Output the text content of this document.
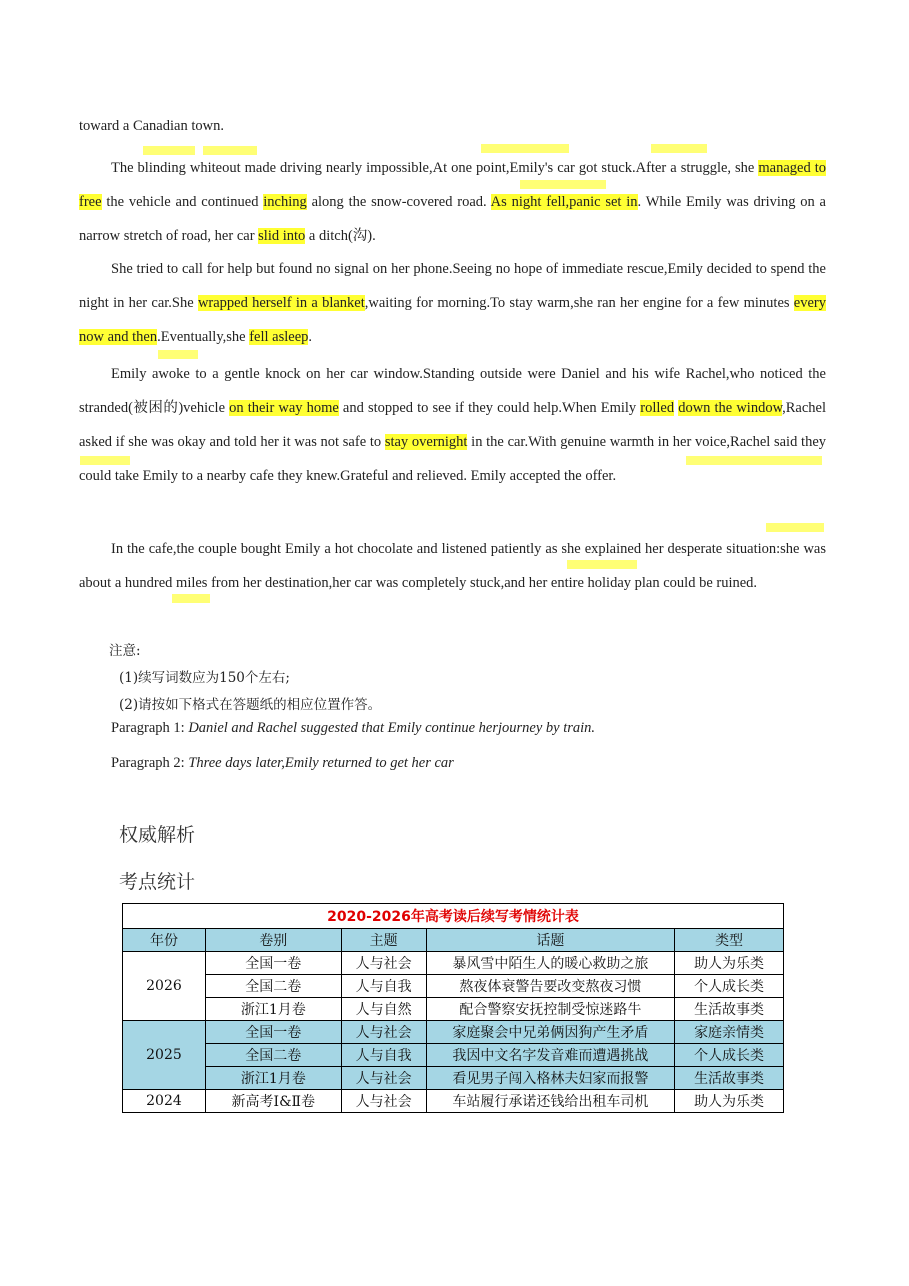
toward a Canadian town.
The blinding whiteout made driving nearly impossible,At one point,Emily's car got stuck.After a struggle, she managed to free the vehicle and continued inching along the snow-covered road. As night fell,panic set in. While Emily was driving on a narrow stretch of road, her car slid into a ditch(沟).
She tried to call for help but found no signal on her phone.Seeing no hope of immediate rescue,Emily decided to spend the night in her car.She wrapped herself in a blanket,waiting for morning.To stay warm,she ran her engine for a few minutes every now and then.Eventually,she fell asleep.
Emily awoke to a gentle knock on her car window.Standing outside were Daniel and his wife Rachel,who noticed the stranded(被困的)vehicle on their way home and stopped to see if they could help.When Emily rolled down the window,Rachel asked if she was okay and told her it was not safe to stay overnight in the car.With genuine warmth in her voice,Rachel said they could take Emily to a nearby cafe they knew.Grateful and relieved. Emily accepted the offer.
In the cafe,the couple bought Emily a hot chocolate and listened patiently as she explained her desperate situation:she was about a hundred miles from her destination,her car was completely stuck,and her entire holiday plan could be ruined.
注意:
(1)续写词数应为150个左右;
(2)请按如下格式在答题纸的相应位置作答。
Paragraph 1: Daniel and Rachel suggested that Emily continue herjourney by train.
Paragraph 2: Three days later,Emily returned to get her car
权威解析
考点统计
2020-2026年高考读后续写考情统计表				
年份	卷别	主题	话题	类型
2026	全国一卷	人与社会	暴风雪中陌生人的暖心救助之旅	助人为乐类
	全国二卷	人与自我	熬夜体衰警告要改变熬夜习惯	个人成长类
	浙江1月卷	人与自然	配合警察安抚控制受惊迷路牛	生活故事类
2025	全国一卷	人与社会	家庭聚会中兄弟俩因狗产生矛盾	家庭亲情类
	全国二卷	人与自我	我因中文名字发音难而遭遇挑战	个人成长类
	浙江1月卷	人与社会	看见男子闯入格林夫妇家而报警	生活故事类
2024	新高考Ⅰ&Ⅱ卷	人与社会	车站履行承诺还钱给出租车司机	助人为乐类
